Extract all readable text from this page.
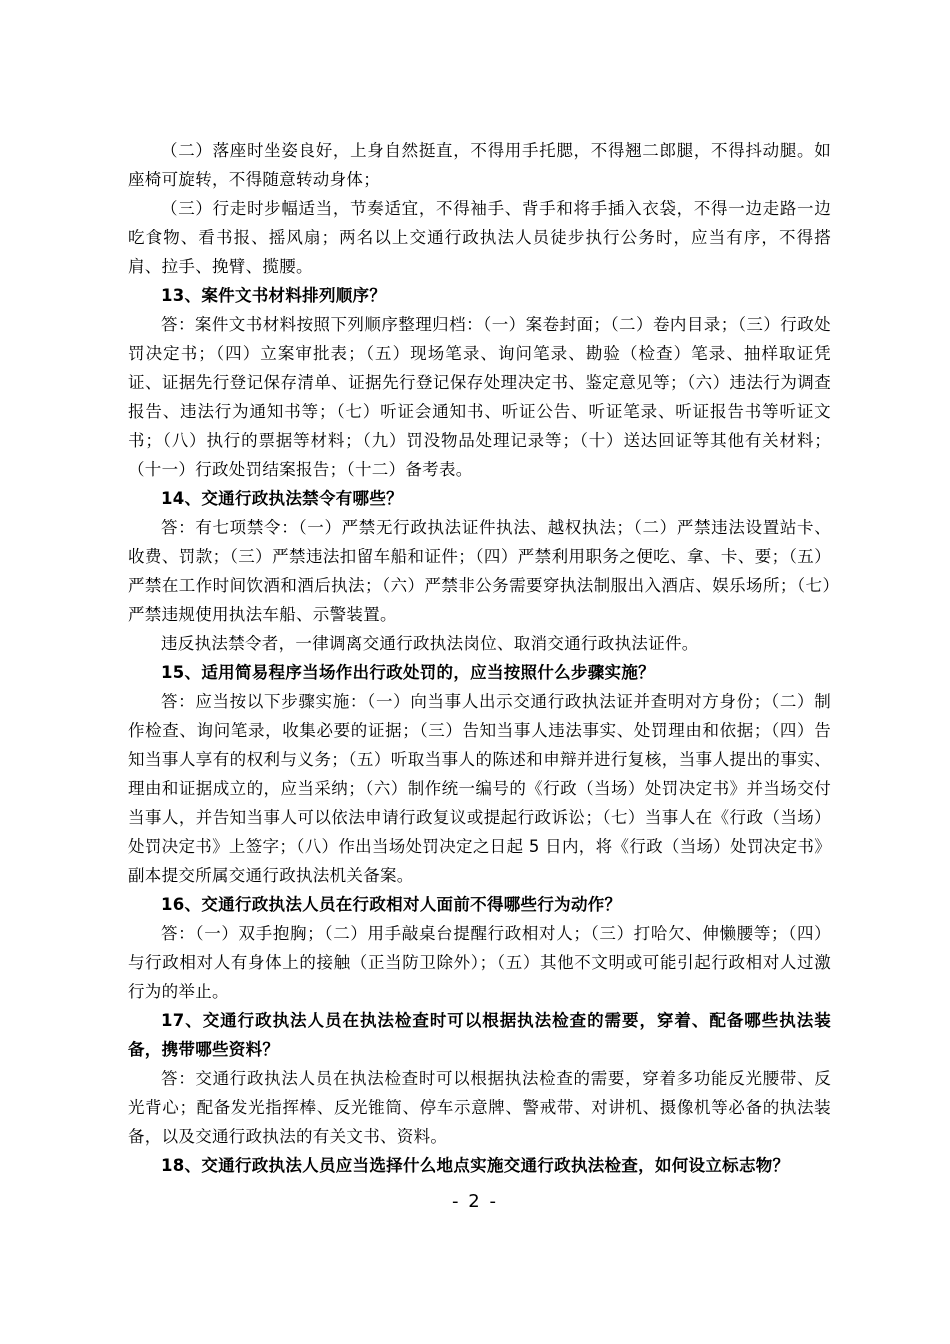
（二）落座时坐姿良好，上身自然挺直，不得用手托腮，不得翘二郎腿，不得抖动腿。如座椅可旋转，不得随意转动身体；

（三）行走时步幅适当，节奏适宜，不得袖手、背手和将手插入衣袋，不得一边走路一边吃食物、看书报、摇风扇；两名以上交通行政执法人员徒步执行公务时，应当有序，不得搭肩、拉手、挽臂、揽腰。

13、案件文书材料排列顺序？

答：案件文书材料按照下列顺序整理归档：（一）案卷封面；（二）卷内目录；（三）行政处罚决定书；（四）立案审批表；（五）现场笔录、询问笔录、勘验（检查）笔录、抽样取证凭证、证据先行登记保存清单、证据先行登记保存处理决定书、鉴定意见等；（六）违法行为调查报告、违法行为通知书等；（七）听证会通知书、听证公告、听证笔录、听证报告书等听证文书；（八）执行的票据等材料；（九）罚没物品处理记录等；（十）送达回证等其他有关材料；（十一）行政处罚结案报告；（十二）备考表。

14、交通行政执法禁令有哪些？

答：有七项禁令：（一）严禁无行政执法证件执法、越权执法；（二）严禁违法设置站卡、收费、罚款；（三）严禁违法扣留车船和证件；（四）严禁利用职务之便吃、拿、卡、要；（五）严禁在工作时间饮酒和酒后执法；（六）严禁非公务需要穿执法制服出入酒店、娱乐场所；（七）严禁违规使用执法车船、示警装置。

违反执法禁令者，一律调离交通行政执法岗位、取消交通行政执法证件。

15、适用简易程序当场作出行政处罚的，应当按照什么步骤实施？

答：应当按以下步骤实施：（一）向当事人出示交通行政执法证并查明对方身份；（二）制作检查、询问笔录，收集必要的证据；（三）告知当事人违法事实、处罚理由和依据；（四）告知当事人享有的权利与义务；（五）听取当事人的陈述和申辩并进行复核，当事人提出的事实、理由和证据成立的，应当采纳；（六）制作统一编号的《行政（当场）处罚决定书》并当场交付当事人，并告知当事人可以依法申请行政复议或提起行政诉讼；（七）当事人在《行政（当场）处罚决定书》上签字；（八）作出当场处罚决定之日起 5 日内，将《行政（当场）处罚决定书》副本提交所属交通行政执法机关备案。

16、交通行政执法人员在行政相对人面前不得哪些行为动作？

答：（一）双手抱胸；（二）用手敲桌台提醒行政相对人；（三）打哈欠、伸懒腰等；（四）与行政相对人有身体上的接触（正当防卫除外）；（五）其他不文明或可能引起行政相对人过激行为的举止。

17、交通行政执法人员在执法检查时可以根据执法检查的需要，穿着、配备哪些执法装备，携带哪些资料？

答：交通行政执法人员在执法检查时可以根据执法检查的需要，穿着多功能反光腰带、反光背心；配备发光指挥棒、反光锥筒、停车示意牌、警戒带、对讲机、摄像机等必备的执法装备，以及交通行政执法的有关文书、资料。

18、交通行政执法人员应当选择什么地点实施交通行政执法检查，如何设立标志物？

- 2 -
